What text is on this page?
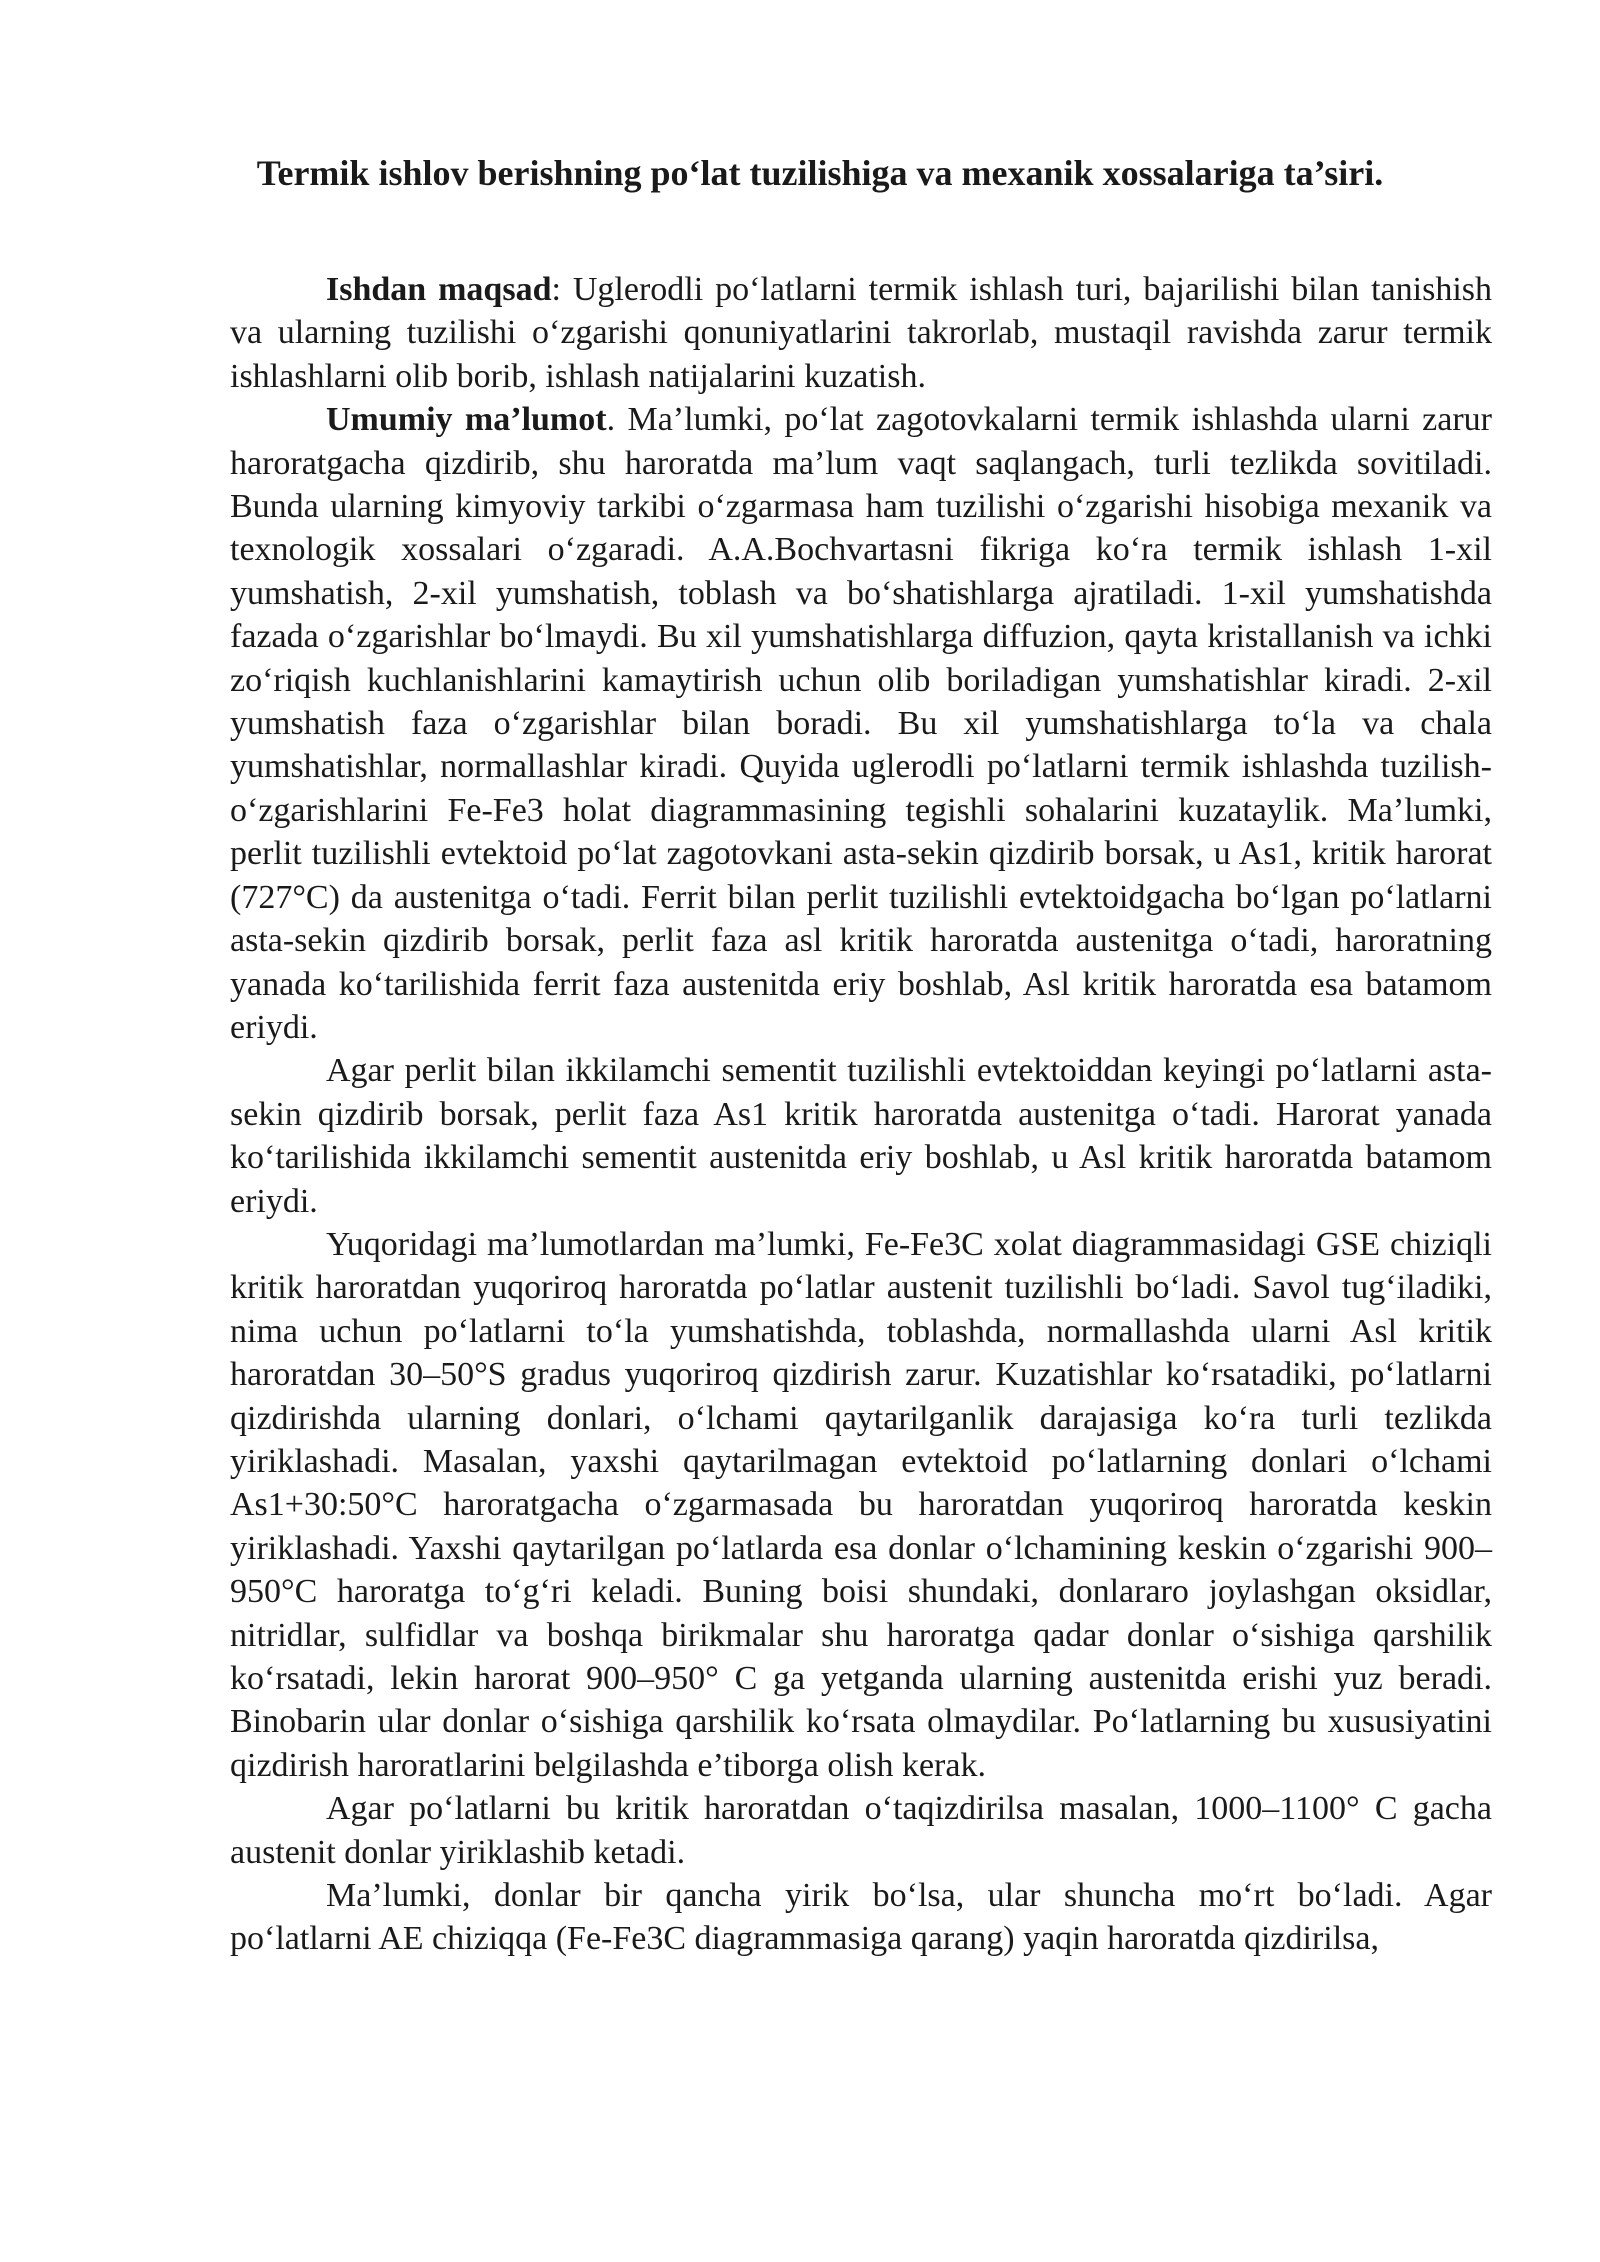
Termik ishlov berishning po‘lat tuzilishiga va mexanik xossalariga ta’siri.

Ishdan maqsad: Uglerodli po‘latlarni termik ishlash turi, bajarilishi bilan tanishish va ularning tuzilishi o‘zgarishi qonuniyatlarini takrorlab, mustaqil ravishda zarur termik ishlashlarni olib borib, ishlash natijalarini kuzatish.

Umumiy ma’lumot. Ma’lumki, po‘lat zagotovkalarni termik ishlashda ularni zarur haroratgacha qizdirib, shu haroratda ma’lum vaqt saqlangach, turli tezlikda sovitiladi. Bunda ularning kimyoviy tarkibi o‘zgarmasa ham tuzilishi o‘zgarishi hisobiga mexanik va texnologik xossalari o‘zgaradi. A.A.Bochvartasni fikriga ko‘ra termik ishlash 1-xil yumshatish, 2-xil yumshatish, toblash va bo‘shatishlarga ajratiladi. 1-xil yumshatishda fazada o‘zgarishlar bo‘lmaydi. Bu xil yumshatishlarga diffuzion, qayta kristallanish va ichki zo‘riqish kuchlanishlarini kamaytirish uchun olib boriladigan yumshatishlar kiradi. 2-xil yumshatish faza o‘zgarishlar bilan boradi. Bu xil yumshatishlarga to‘la va chala yumshatishlar, normallashlar kiradi. Quyida uglerodli po‘latlarni termik ishlashda tuzilish-o‘zgarishlarini Fe-Fe3 holat diagrammasining tegishli sohalarini kuzataylik. Ma’lumki, perlit tuzilishli evtektoid po‘lat zagotovkani asta-sekin qizdirib borsak, u As1, kritik harorat (727°C) da austenitga o‘tadi. Ferrit bilan perlit tuzilishli evtektoidgacha bo‘lgan po‘latlarni asta-sekin qizdirib borsak, perlit faza asl kritik haroratda austenitga o‘tadi, haroratning yanada ko‘tarilishida ferrit faza austenitda eriy boshlab, Asl kritik haroratda esa batamom eriydi.

Agar perlit bilan ikkilamchi sementit tuzilishli evtektoiddan keyingi po‘latlarni asta-sekin qizdirib borsak, perlit faza As1 kritik haroratda austenitga o‘tadi. Harorat yanada ko‘tarilishida ikkilamchi sementit austenitda eriy boshlab, u Asl kritik haroratda batamom eriydi.

Yuqoridagi ma’lumotlardan ma’lumki, Fe-Fe3C xolat diagrammasidagi GSE chiziqli kritik haroratdan yuqoriroq haroratda po‘latlar austenit tuzilishli bo‘ladi. Savol tug‘iladiki, nima uchun po‘latlarni to‘la yumshatishda, toblashda, normallashda ularni Asl kritik haroratdan 30–50°S gradus yuqoriroq qizdirish zarur. Kuzatishlar ko‘rsatadiki, po‘latlarni qizdirishda ularning donlari, o‘lchami qaytarilganlik darajasiga ko‘ra turli tezlikda yiriklashadi. Masalan, yaxshi qaytarilmagan evtektoid po‘latlarning donlari o‘lchami As1+30:50°C haroratgacha o‘zgarmasada bu haroratdan yuqoriroq haroratda keskin yiriklashadi. Yaxshi qaytarilgan po‘latlarda esa donlar o‘lchamining keskin o‘zgarishi 900–950°C haroratga to‘g‘ri keladi. Buning boisi shundaki, donlararo joylashgan oksidlar, nitridlar, sulfidlar va boshqa birikmalar shu haroratga qadar donlar o‘sishiga qarshilik ko‘rsatadi, lekin harorat 900–950° C ga yetganda ularning austenitda erishi yuz beradi. Binobarin ular donlar o‘sishiga qarshilik ko‘rsata olmaydilar. Po‘latlarning bu xususiyatini qizdirish haroratlarini belgilashda e’tiborga olish kerak.

Agar po‘latlarni bu kritik haroratdan o‘taqizdirilsa masalan, 1000–1100° C gacha austenit donlar yiriklashib ketadi.

Ma’lumki, donlar bir qancha yirik bo‘lsa, ular shuncha mo‘rt bo‘ladi. Agar po‘latlarni AE chiziqqa (Fe-Fe3C diagrammasiga qarang) yaqin haroratda qizdirilsa,
